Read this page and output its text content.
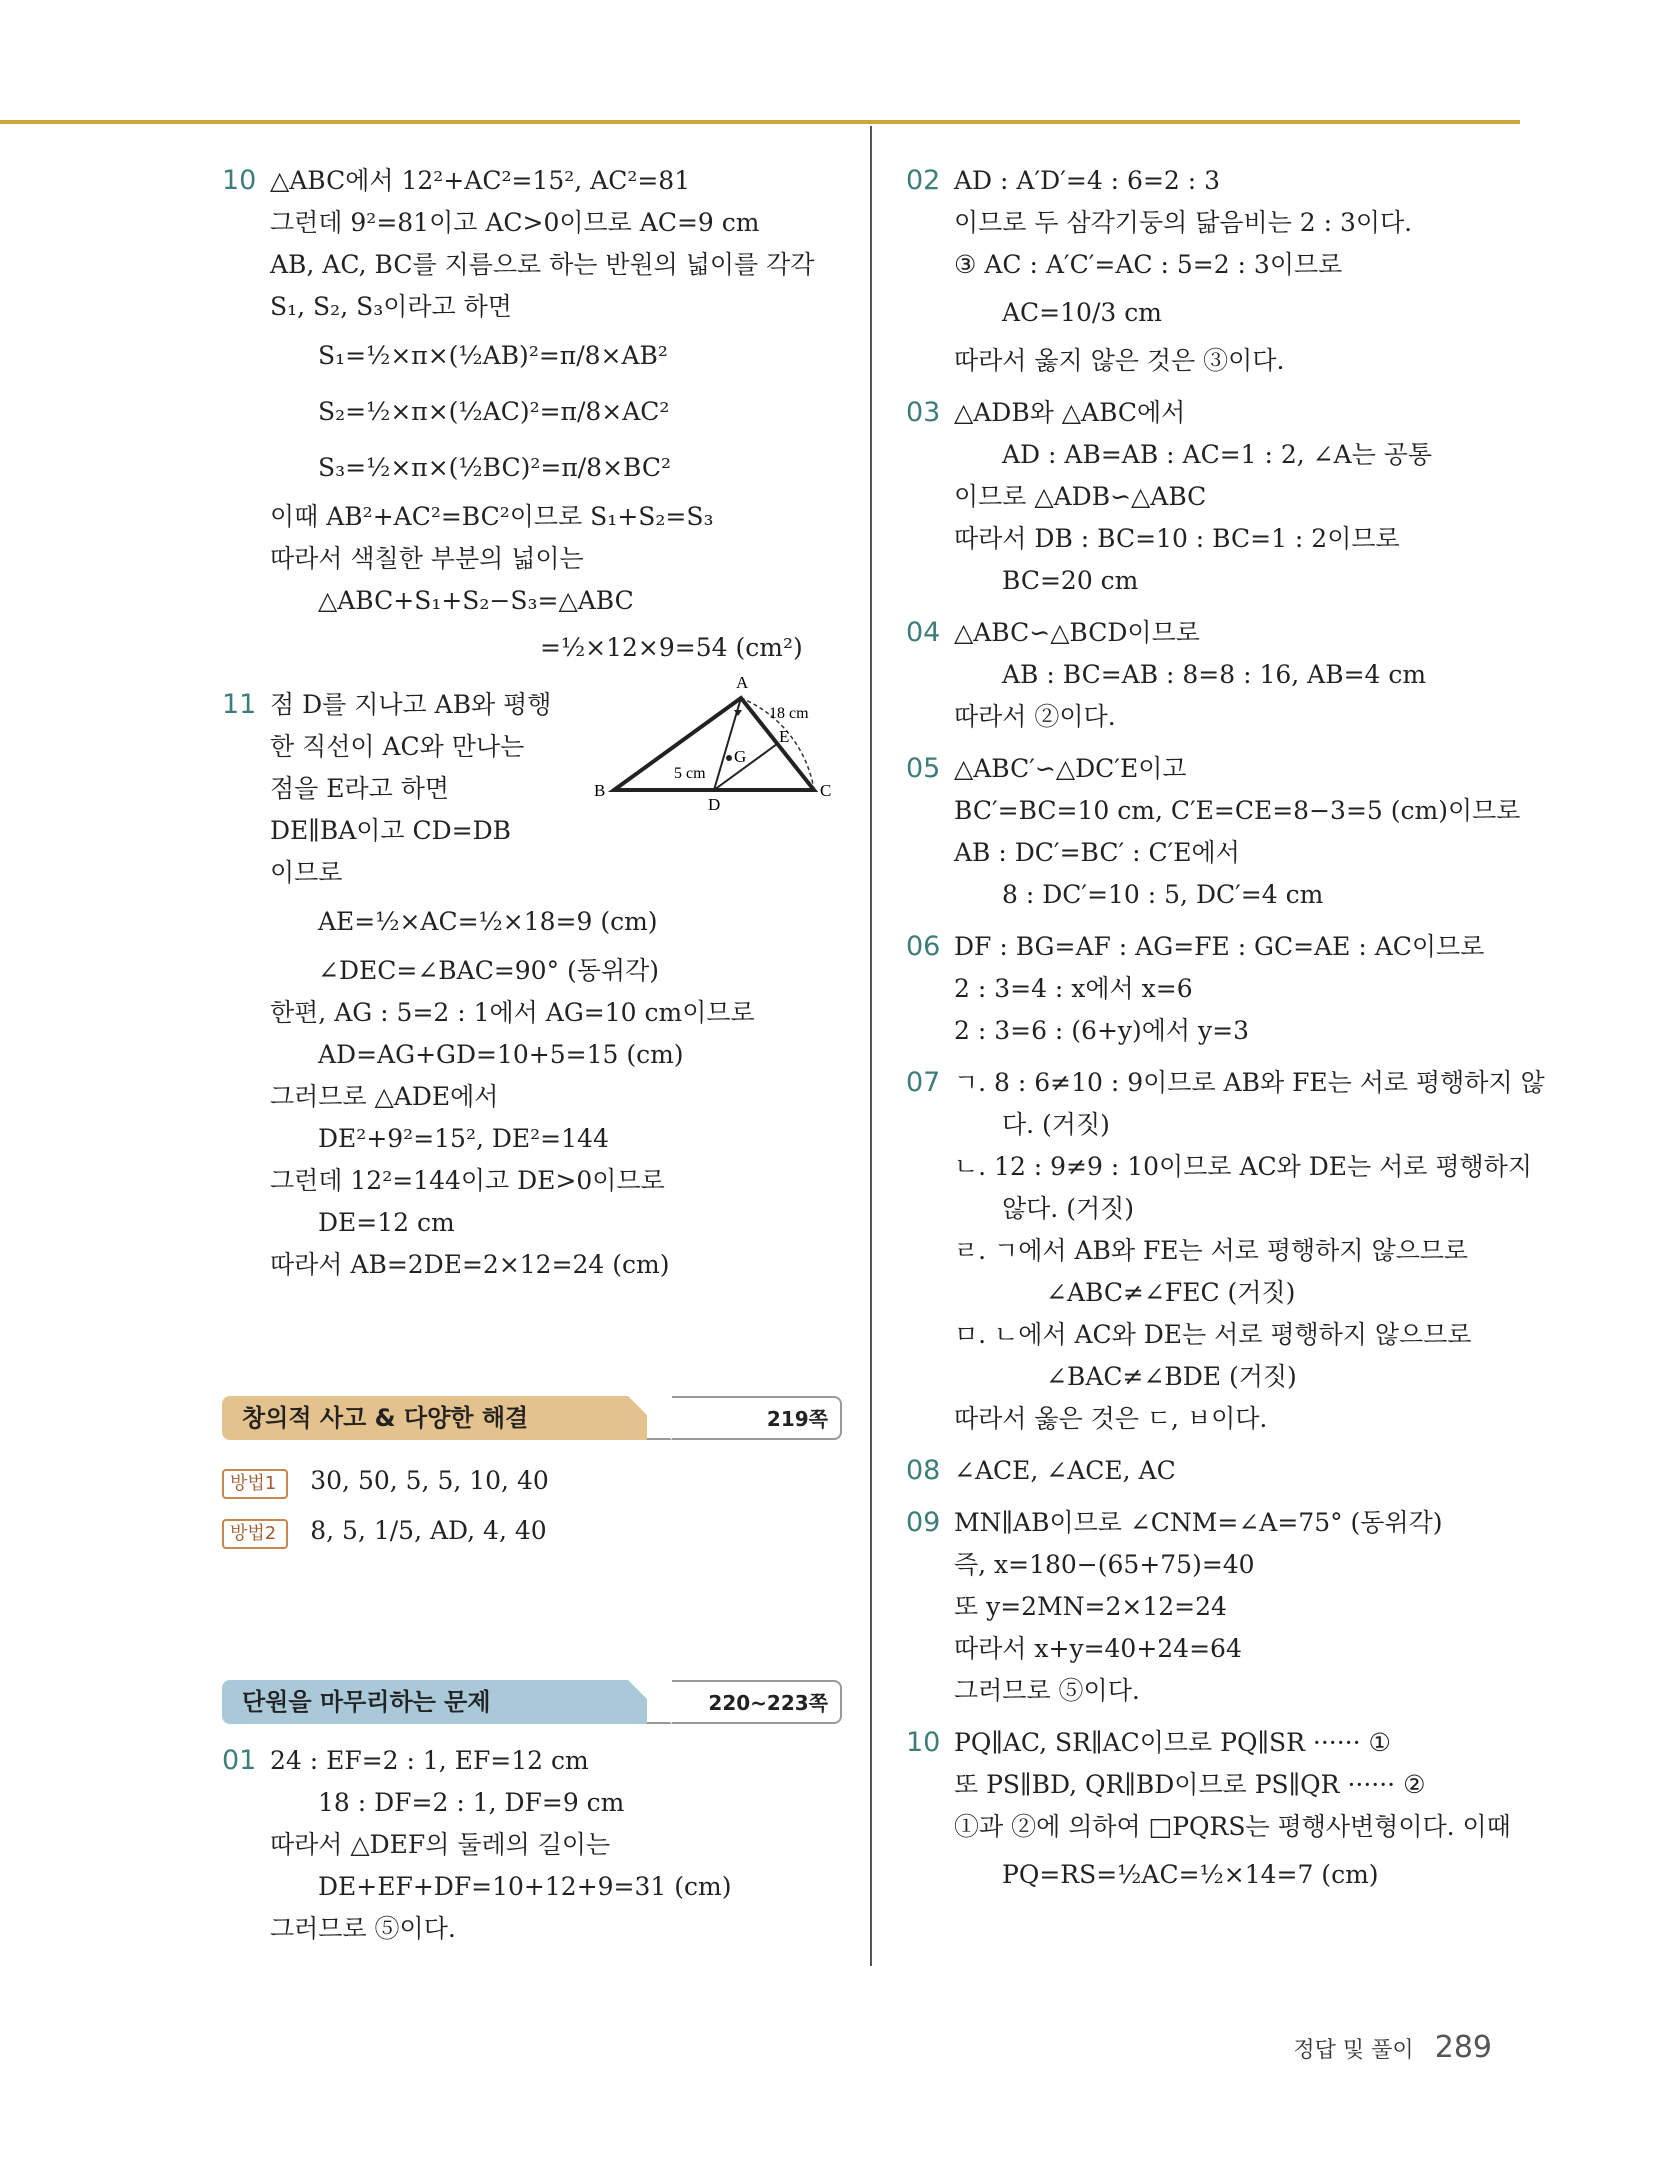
10 △ABC에서 12²+AC²=15², AC²=81
그런데 9²=81이고 AC>0이므로 AC=9 cm
AB, AC, BC를 지름으로 하는 반원의 넓이를 각각
S₁, S₂, S₃이라고 하면
S₁=½×π×(½AB)²=π/8×AB²
S₂=½×π×(½AC)²=π/8×AC²
S₃=½×π×(½BC)²=π/8×BC²
이때 AB²+AC²=BC²이므로 S₁+S₂=S₃
따라서 색칠한 부분의 넓이는
△ABC+S₁+S₂−S₃=△ABC
=½×12×9=54 (cm²)
11
A
B	C
D
E
G
18 cm
5 cm
점 D를 지나고 AB와 평행
한 직선이 AC와 만나는
점을 E라고 하면
DE∥BA이고 CD=DB
이므로
AE=½×AC=½×18=9 (cm)
∠DEC=∠BAC=90° (동위각)
한편, AG : 5=2 : 1에서 AG=10 cm이므로
AD=AG+GD=10+5=15 (cm)
그러므로 △ADE에서
DE²+9²=15², DE²=144
그런데 12²=144이고 DE>0이므로
DE=12 cm
따라서 AB=2DE=2×12=24 (cm)
창의적 사고 & 다양한 해결	219쪽
방법1 30, 50, 5, 5, 10, 40
방법2 8, 5, 1/5, AD, 4, 40
단원을 마무리하는 문제	220~223쪽
01 24 : EF=2 : 1, EF=12 cm
18 : DF=2 : 1, DF=9 cm
따라서 △DEF의 둘레의 길이는
DE+EF+DF=10+12+9=31 (cm)
그러므로 ⑤이다.
02 AD : A′D′=4 : 6=2 : 3
이므로 두 삼각기둥의 닮음비는 2 : 3이다.
③ AC : A′C′=AC : 5=2 : 3이므로
AC=10/3 cm
따라서 옳지 않은 것은 ③이다.
03 △ADB와 △ABC에서
AD : AB=AB : AC=1 : 2, ∠A는 공통
이므로 △ADB∽△ABC
따라서 DB : BC=10 : BC=1 : 2이므로
BC=20 cm
04 △ABC∽△BCD이므로
AB : BC=AB : 8=8 : 16, AB=4 cm
따라서 ②이다.
05 △ABC′∽△DC′E이고
BC′=BC=10 cm, C′E=CE=8−3=5 (cm)이므로
AB : DC′=BC′ : C′E에서
8 : DC′=10 : 5, DC′=4 cm
06 DF : BG=AF : AG=FE : GC=AE : AC이므로
2 : 3=4 : x에서 x=6
2 : 3=6 : (6+y)에서 y=3
07 ㄱ. 8 : 6≠10 : 9이므로 AB와 FE는 서로 평행하지 않
다. (거짓)
ㄴ. 12 : 9≠9 : 10이므로 AC와 DE는 서로 평행하지
않다. (거짓)
ㄹ. ㄱ에서 AB와 FE는 서로 평행하지 않으므로
∠ABC≠∠FEC (거짓)
ㅁ. ㄴ에서 AC와 DE는 서로 평행하지 않으므로
∠BAC≠∠BDE (거짓)
따라서 옳은 것은 ㄷ, ㅂ이다.
08 ∠ACE, ∠ACE, AC
09 MN∥AB이므로 ∠CNM=∠A=75° (동위각)
즉, x=180−(65+75)=40
또 y=2MN=2×12=24
따라서 x+y=40+24=64
그러므로 ⑤이다.
10 PQ∥AC, SR∥AC이므로 PQ∥SR ······ ①
또 PS∥BD, QR∥BD이므로 PS∥QR ······ ②
①과 ②에 의하여 □PQRS는 평행사변형이다. 이때
PQ=RS=½AC=½×14=7 (cm)
정답 및 풀이 289
